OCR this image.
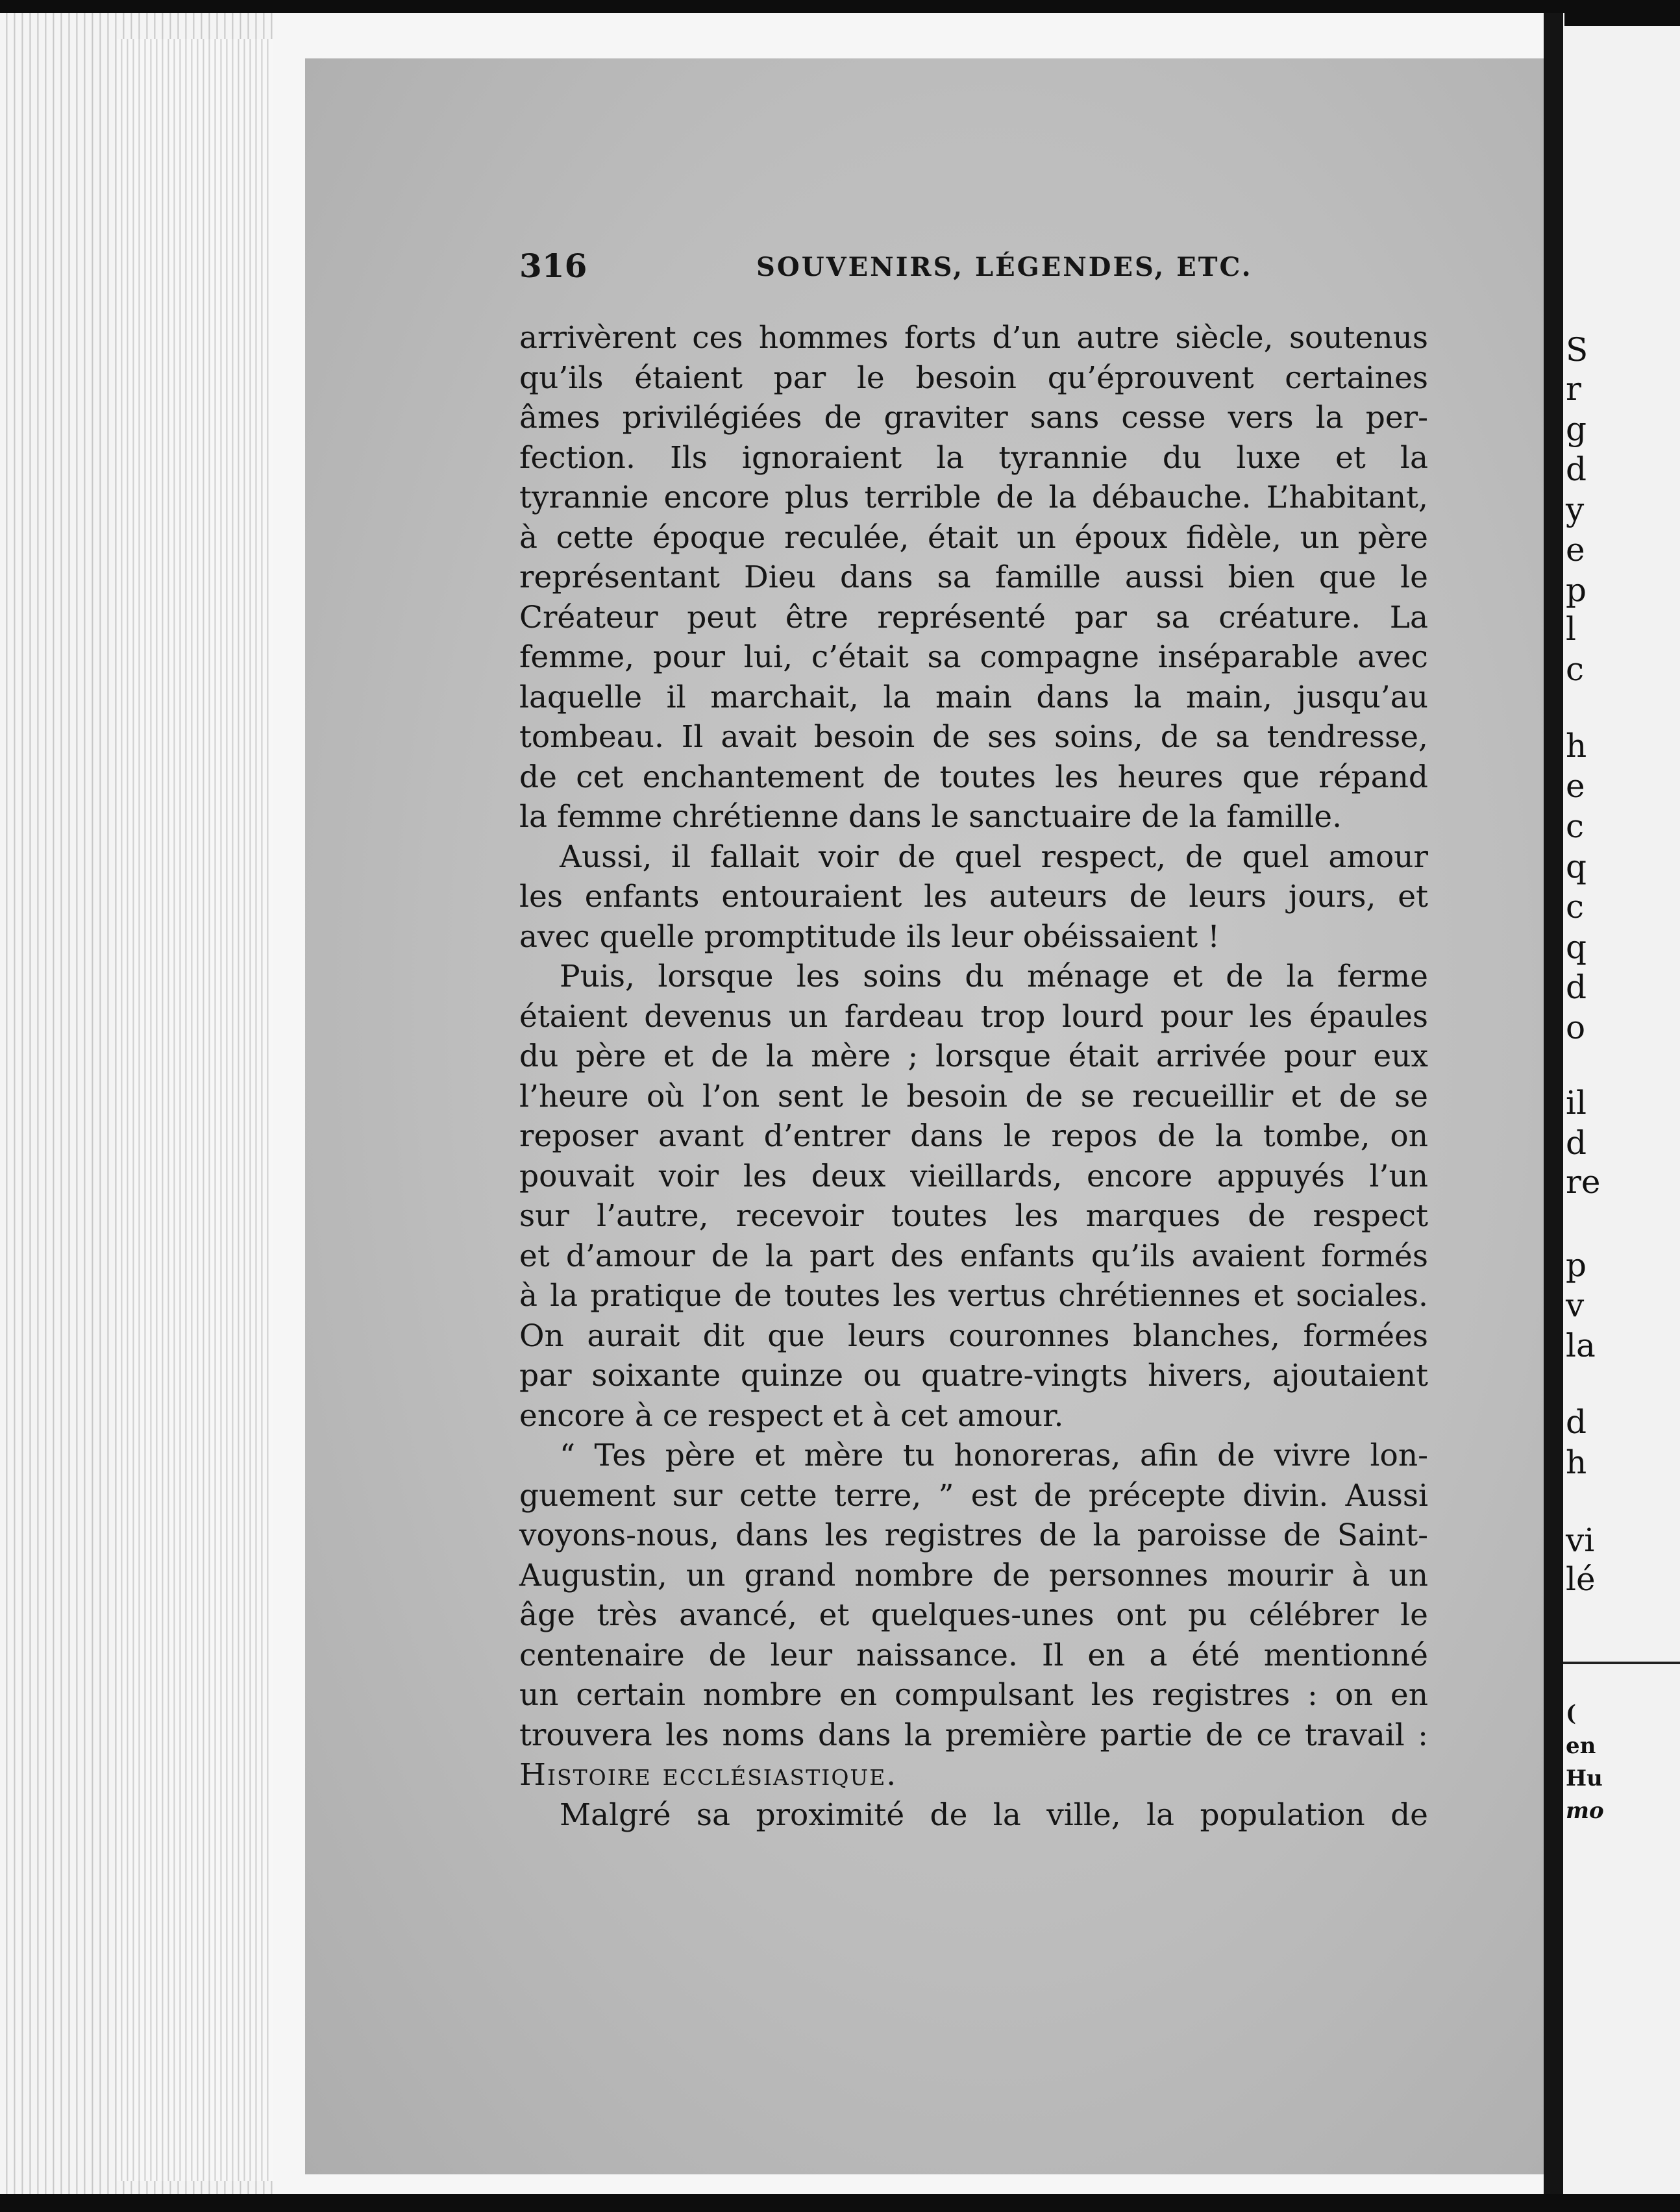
316	SOUVENIRS, LÉGENDES, ETC.
arrivèrent ces hommes forts d’un autre siècle, soutenus
qu’ils étaient par le besoin qu’éprouvent certaines
âmes privilégiées de graviter sans cesse vers la per-
fection. Ils ignoraient la tyrannie du luxe et la
tyrannie encore plus terrible de la débauche. L’habitant,
à cette époque reculée, était un époux fidèle, un père
représentant Dieu dans sa famille aussi bien que le
Créateur peut être représenté par sa créature. La
femme, pour lui, c’était sa compagne inséparable avec
laquelle il marchait, la main dans la main, jusqu’au
tombeau. Il avait besoin de ses soins, de sa tendresse,
de cet enchantement de toutes les heures que répand
la femme chrétienne dans le sanctuaire de la famille.
Aussi, il fallait voir de quel respect, de quel amour
les enfants entouraient les auteurs de leurs jours, et
avec quelle promptitude ils leur obéissaient !
Puis, lorsque les soins du ménage et de la ferme
étaient devenus un fardeau trop lourd pour les épaules
du père et de la mère ; lorsque était arrivée pour eux
l’heure où l’on sent le besoin de se recueillir et de se
reposer avant d’entrer dans le repos de la tombe, on
pouvait voir les deux vieillards, encore appuyés l’un
sur l’autre, recevoir toutes les marques de respect
et d’amour de la part des enfants qu’ils avaient formés
à la pratique de toutes les vertus chrétiennes et sociales.
On aurait dit que leurs couronnes blanches, formées
par soixante quinze ou quatre-vingts hivers, ajoutaient
encore à ce respect et à cet amour.
“ Tes père et mère tu honoreras, afin de vivre lon-
guement sur cette terre, ” est de précepte divin. Aussi
voyons-nous, dans les registres de la paroisse de Saint-
Augustin, un grand nombre de personnes mourir à un
âge très avancé, et quelques-unes ont pu célébrer le
centenaire de leur naissance. Il en a été mentionné
un certain nombre en compulsant les registres : on en
trouvera les noms dans la première partie de ce travail :
Histoire ecclésiastique.
Malgré sa proximité de la ville, la population de
S
r
g
d
y
e
p
l
c
h
e
c
q
c
q
d
o
il
d
re
p
v
la
d
h
vi
lé
(
en
Hu
mo
